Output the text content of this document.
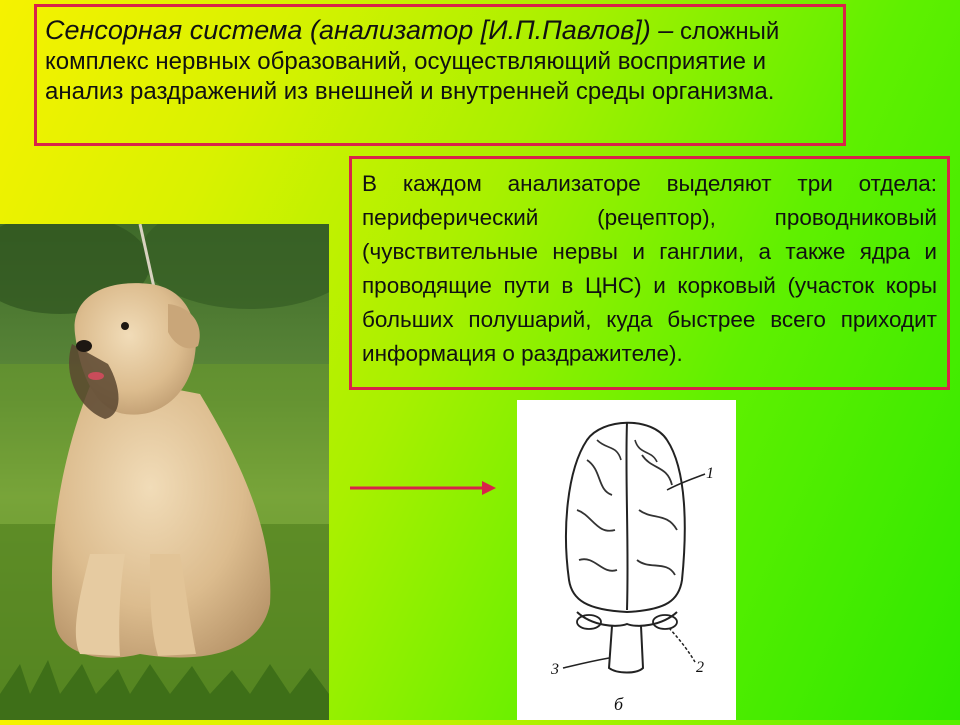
Сенсорная система (анализатор [И.П.Павлов]) – сложный комплекс нервных образований, осуществляющий восприятие и анализ раздражений из внешней и внутренней среды организма.
В каждом анализаторе выделяют три отдела: периферический (рецептор), проводниковый (чувствительные нервы и ганглии, а также ядра и проводящие пути в ЦНС) и корковый (участок коры больших полушарий, куда быстрее всего приходит информация о раздражителе).
1
2
3
б
